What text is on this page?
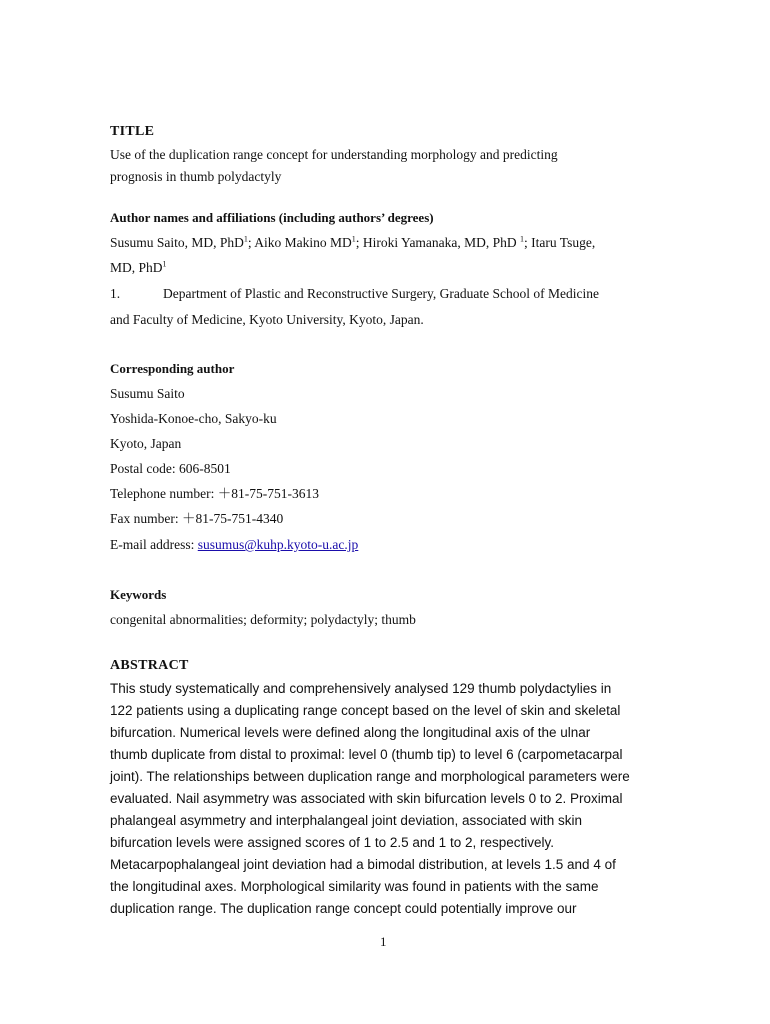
TITLE
Use of the duplication range concept for understanding morphology and predicting
prognosis in thumb polydactyly
Author names and affiliations (including authors’ degrees)
Susumu Saito, MD, PhD$^1$; Aiko Makino $MD^1$; Hiroki Yamanaka, MD, PhD $^1$; Itaru Tsuge,
MD, PhD$^1$
1.	Department of Plastic and Reconstructive Surgery, Graduate School of Medicine
and Faculty of Medicine, Kyoto University, Kyoto, Japan.
Corresponding author
Susumu Saito
Yoshida-Konoe-cho, Sakyo-ku
Kyoto, Japan
Postal code: 606-8501
Telephone number: ＋81-75-751-3613
Fax number: ＋81-75-751-4340
E-mail address: susumus@kuhp.kyoto-u.ac.jp
Keywords
congenital abnormalities; deformity; polydactyly; thumb
ABSTRACT
This study systematically and comprehensively analysed 129 thumb polydactylies in
122 patients using a duplicating range concept based on the level of skin and skeletal
bifurcation. Numerical levels were defined along the longitudinal axis of the ulnar
thumb duplicate from distal to proximal: level 0 (thumb tip) to level 6 (carpometacarpal
joint). The relationships between duplication range and morphological parameters were
evaluated. Nail asymmetry was associated with skin bifurcation levels 0 to 2. Proximal
phalangeal asymmetry and interphalangeal joint deviation, associated with skin
bifurcation levels were assigned scores of 1 to 2.5 and 1 to 2, respectively.
Metacarpophalangeal joint deviation had a bimodal distribution, at levels 1.5 and 4 of
the longitudinal axes. Morphological similarity was found in patients with the same
duplication range. The duplication range concept could potentially improve our
1
